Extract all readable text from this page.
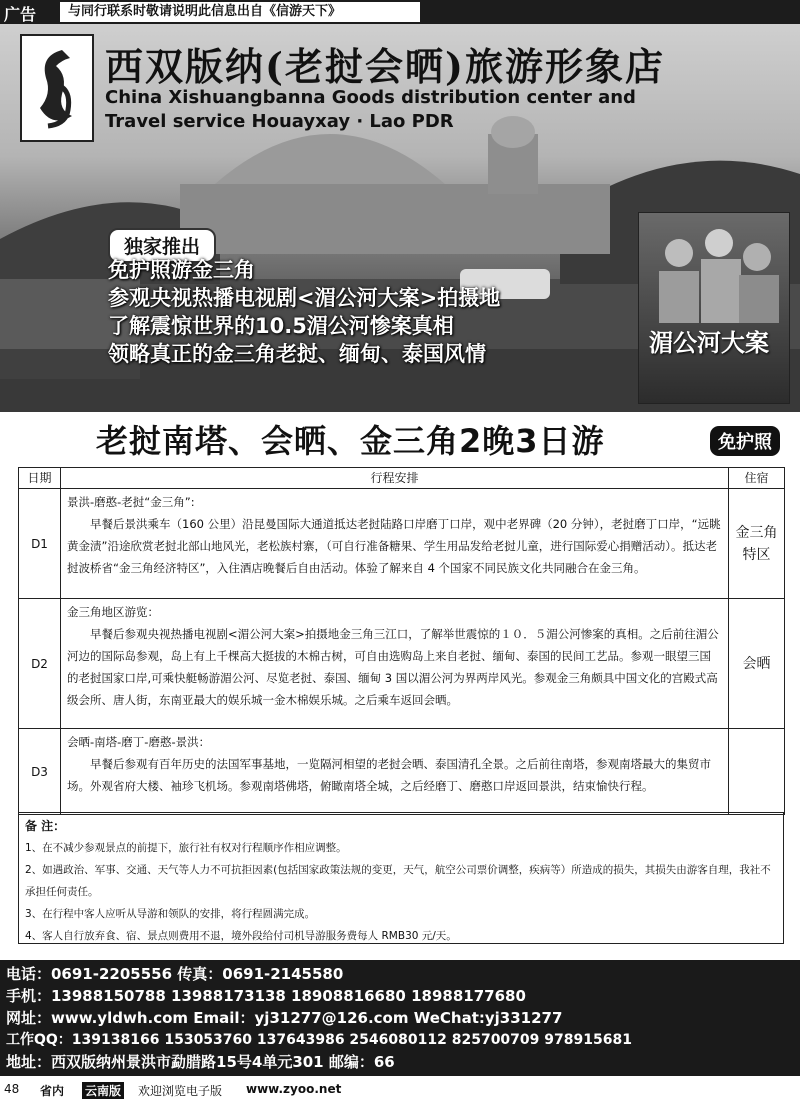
广告	与同行联系时敬请说明此信息出自《信游天下》
西双版纳(老挝会晒)旅游形象店
China Xishuangbanna Goods distribution center and
Travel service Houayxay · Lao PDR
独家推出
免护照游金三角
参观央视热播电视剧<湄公河大案>拍摄地
了解震惊世界的10.5湄公河惨案真相
领略真正的金三角老挝、缅甸、泰国风情	湄公河大案
老挝南塔、会晒、金三角2晚3日游	免护照
日期	行程安排	住宿
D1	景洪-磨憨-老挝“金三角”:
早餐后景洪乘车（160 公里）沿昆曼国际大通道抵达老挝陆路口岸磨丁口岸，观中老界碑（20 分钟），老挝磨丁口岸，“远眺黄金渍”沿途欣赏老挝北部山地风光，老松族村寨，（可自行准备糖果、学生用品发给老挝儿童，进行国际爱心捐赠活动）。抵达老挝波桥省“金三角经济特区”，入住酒店晚餐后自由活动。体验了解来自 4 个国家不同民族文化共同融合在金三角。	金三角特区
D2	金三角地区游览：
早餐后参观央视热播电视剧<湄公河大案>拍摄地金三角三江口，了解举世震惊的１０．５湄公河惨案的真相。之后前往湄公河边的国际岛参观，岛上有上千棵高大挺拔的木棉古树，可自由选购岛上来自老挝、缅甸、泰国的民间工艺品。参观一眼望三国的老挝国家口岸,可乘快艇畅游湄公河、尽览老挝、泰国、缅甸 3 国以湄公河为界两岸风光。参观金三角颇具中国文化的宫殿式高级会所、唐人街，东南亚最大的娱乐城一金木棉娱乐城。之后乘车返回会晒。	会晒
D3	会晒-南塔-磨丁-磨憨-景洪：
早餐后参观有百年历史的法国军事基地，一览隔河相望的老挝会晒、泰国清孔全景。之后前往南塔，参观南塔最大的集贸市场。外观省府大楼、袖珍飞机场。参观南塔佛塔，俯瞰南塔全城，之后经磨丁、磨憨口岸返回景洪，结束愉快行程。	

备 注：
1、在不减少参观景点的前提下，旅行社有权对行程顺序作相应调整。
2、如遇政治、军事、交通、天气等人力不可抗拒因素(包括国家政策法规的变更，天气，航空公司票价调整，疾病等）所造成的损失，其损失由游客自理，我社不承担任何责任。
3、在行程中客人应听从导游和领队的安排，将行程圆满完成。
4、客人自行放弃食、宿、景点则费用不退，境外段给付司机导游服务费每人 RMB30 元/天。
电话：0691-2205556 传真：0691-2145580
手机：13988150788 13988173138 18908816680 18988177680
网址：www.yldwh.com Email：yj31277@126.com WeChat:yj331277
工作QQ：139138166 153053760 137643986 2546080112 825700709 978915681
地址：西双版纳州景洪市勐腊路15号4单元301 邮编：66
48 省内 云南版 欢迎浏览电子版 www.zyoo.net
